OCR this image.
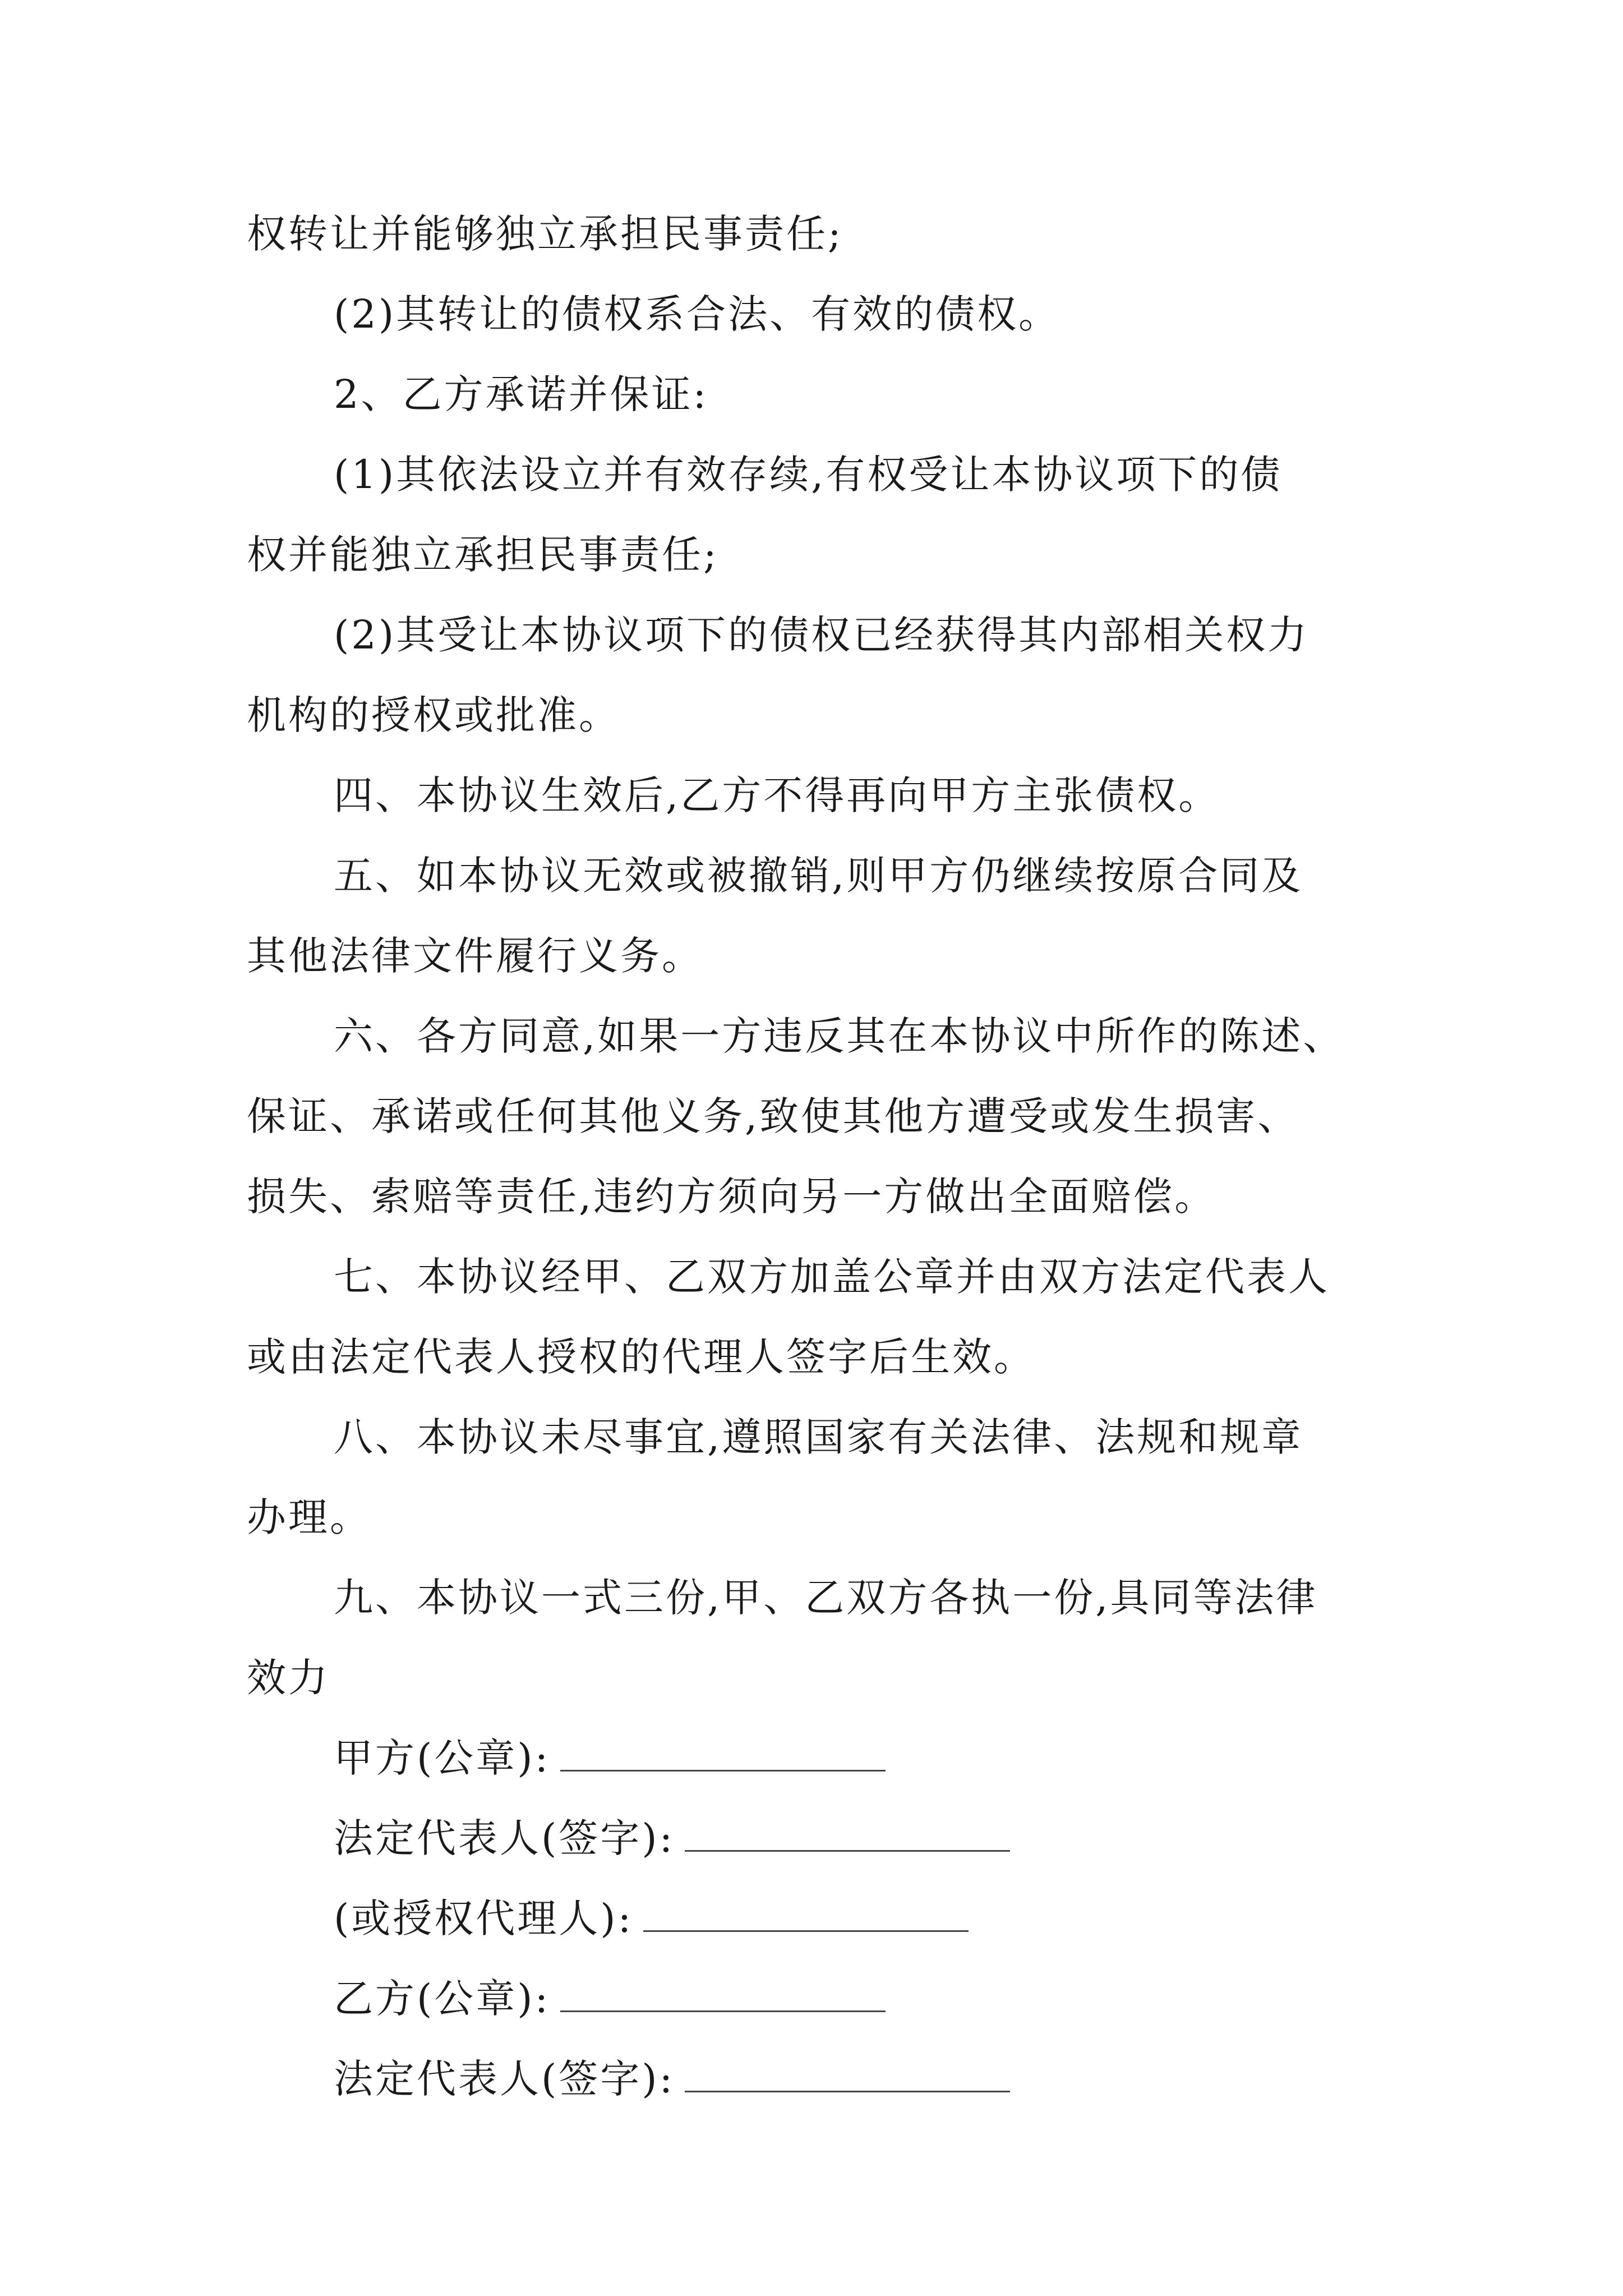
权转让并能够独立承担民事责任;
(2)其转让的债权系合法、有效的债权。
2、乙方承诺并保证:
(1)其依法设立并有效存续,有权受让本协议项下的债
权并能独立承担民事责任;
(2)其受让本协议项下的债权已经获得其内部相关权力
机构的授权或批准。
四、本协议生效后,乙方不得再向甲方主张债权。
五、如本协议无效或被撤销,则甲方仍继续按原合同及
其他法律文件履行义务。
六、各方同意,如果一方违反其在本协议中所作的陈述、
保证、承诺或任何其他义务,致使其他方遭受或发生损害、
损失、索赔等责任,违约方须向另一方做出全面赔偿。
七、本协议经甲、乙双方加盖公章并由双方法定代表人
或由法定代表人授权的代理人签字后生效。
八、本协议未尽事宜,遵照国家有关法律、法规和规章
办理。
九、本协议一式三份,甲、乙双方各执一份,具同等法律
效力
甲方(公章):
法定代表人(签字):
(或授权代理人):
乙方(公章):
法定代表人(签字):
